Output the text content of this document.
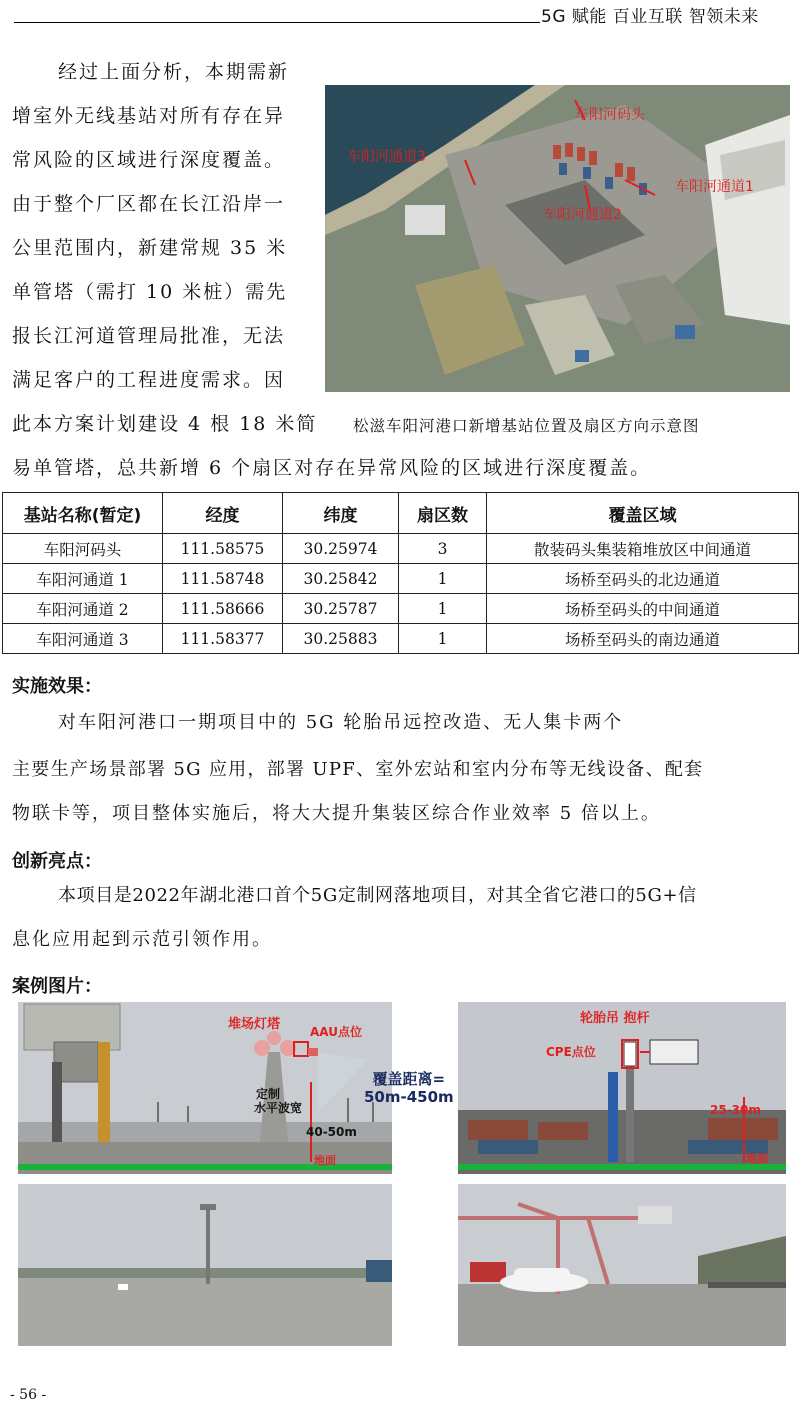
5G 赋能 百业互联 智领未来
经过上面分析，本期需新
增室外无线基站对所有存在异
常风险的区域进行深度覆盖。
由于整个厂区都在长江沿岸一
公里范围内，新建常规 35 米
单管塔（需打 10 米桩）需先
报长江河道管理局批准，无法
满足客户的工程进度需求。因
此本方案计划建设 4 根 18 米简
易单管塔，总共新增 6 个扇区对存在异常风险的区域进行深度覆盖。
车阳河码头
车阳河通道3
车阳河通道1
车阳河通道2
松滋车阳河港口新增基站位置及扇区方向示意图
基站名称(暂定)	经度	纬度	扇区数	覆盖区域
车阳河码头	111.58575	30.25974	3	散装码头集装箱堆放区中间通道
车阳河通道 1	111.58748	30.25842	1	场桥至码头的北边通道
车阳河通道 2	111.58666	30.25787	1	场桥至码头的中间通道
车阳河通道 3	111.58377	30.25883	1	场桥至码头的南边通道
实施效果：
对车阳河港口一期项目中的 5G 轮胎吊远控改造、无人集卡两个
主要生产场景部署 5G 应用，部署 UPF、室外宏站和室内分布等无线设备、配套
物联卡等，项目整体实施后，将大大提升集装区综合作业效率 5 倍以上。
创新亮点：
本项目是2022年湖北港口首个5G定制网落地项目，对其全省它港口的5G+信
息化应用起到示范引领作用。
案例图片：
堆场灯塔 AAU点位
定制
水平波宽
40-50m
地面
覆盖距离=
50m-450m
轮胎吊 抱杆
CPE点位
25-30m
地面
- 56 -
